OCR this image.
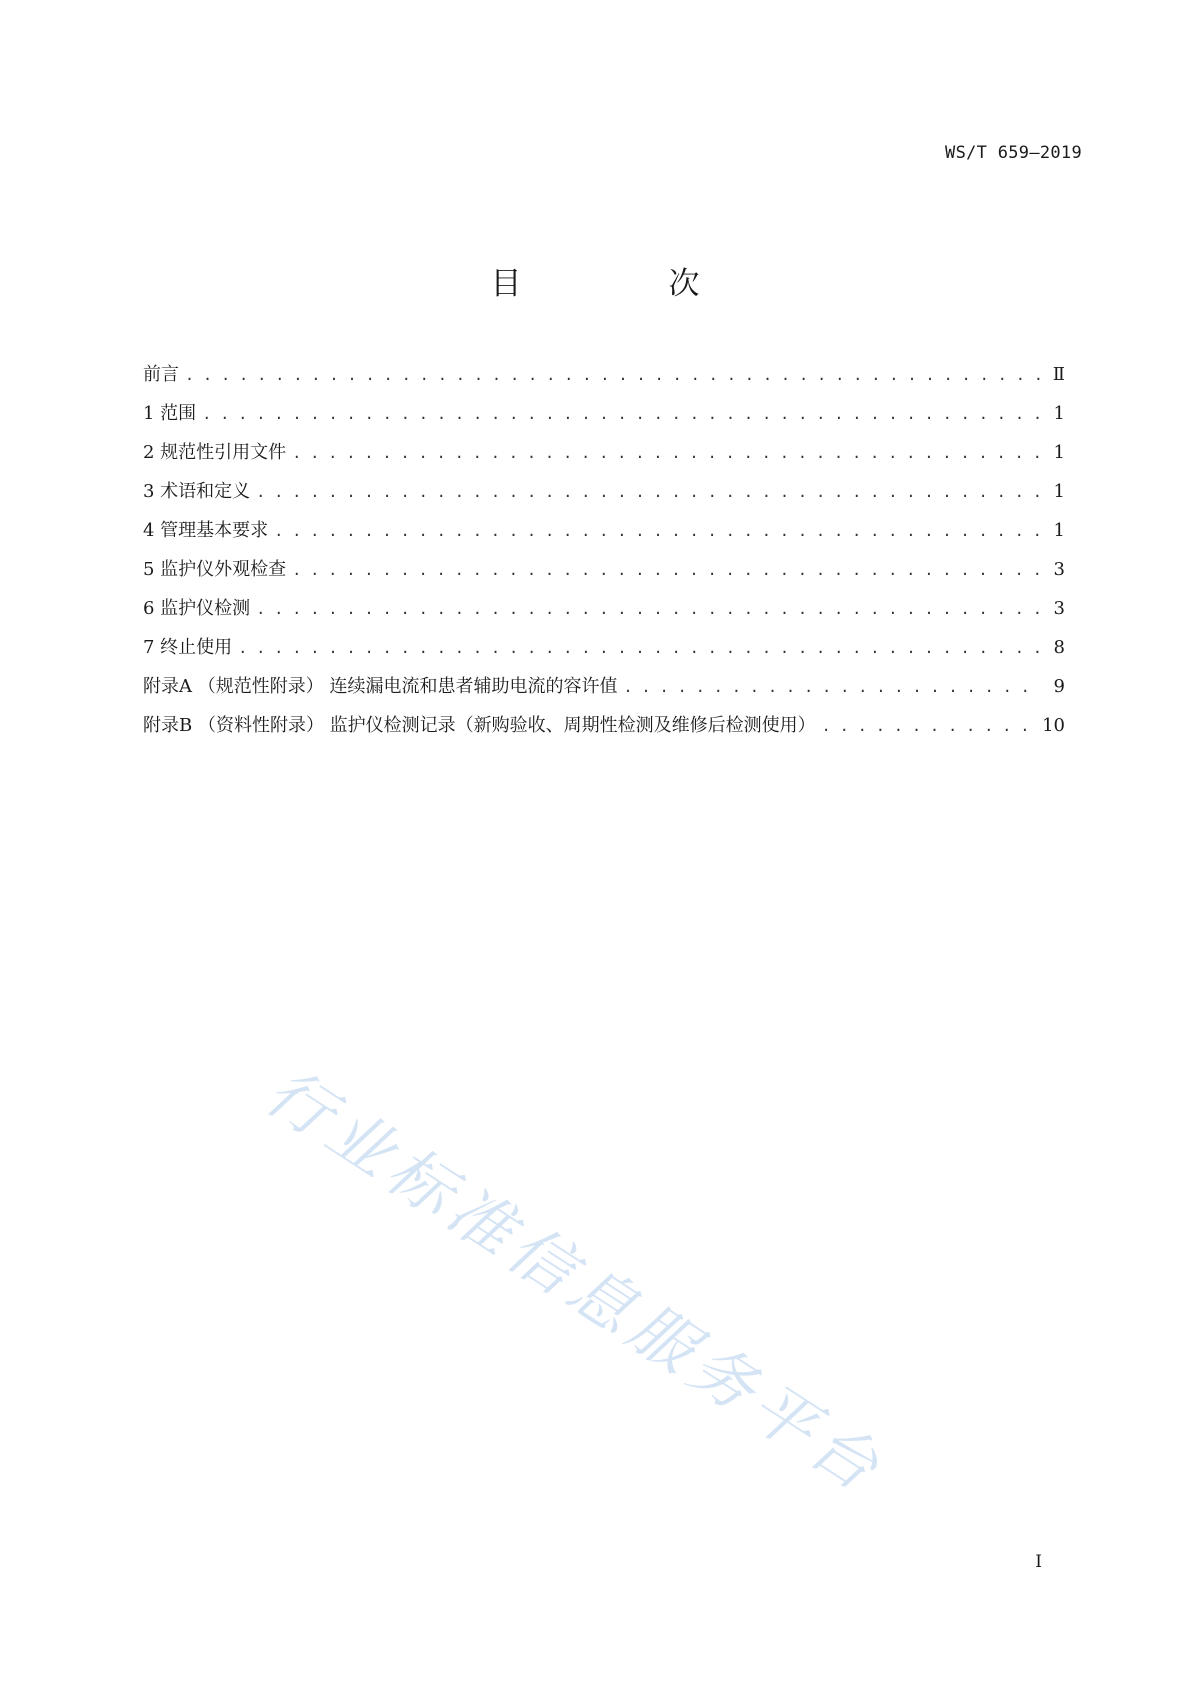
WS/T 659—2019
目　次
前言 . . .	Ⅱ
1 范围 . . .	1
2 规范性引用文件 . . .	1
3 术语和定义 . . .	1
4 管理基本要求 . . .	1
5 监护仪外观检查 . . .	3
6 监护仪检测 . . .	3
7 终止使用 . . .	8
附录A （规范性附录） 连续漏电流和患者辅助电流的容许值 . . .	9
附录B （资料性附录） 监护仪检测记录（新购验收、周期性检测及维修后检测使用） . . .	10
行业标准信息服务平台
I
